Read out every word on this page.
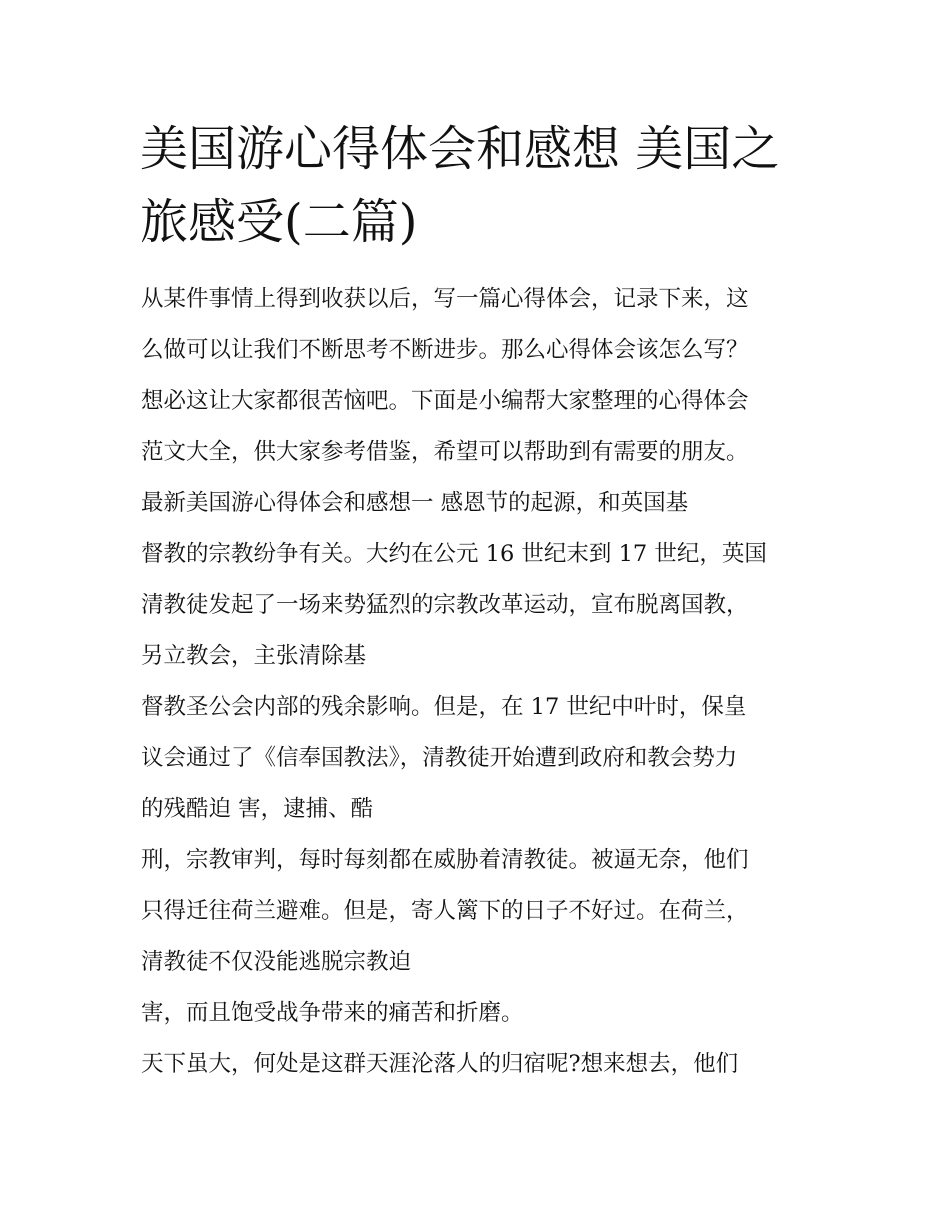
美国游心得体会和感想 美国之
旅感受(二篇)

从某件事情上得到收获以后，写一篇心得体会，记录下来，这

么做可以让我们不断思考不断进步。那么心得体会该怎么写？

想必这让大家都很苦恼吧。下面是小编帮大家整理的心得体会

范文大全，供大家参考借鉴，希望可以帮助到有需要的朋友。

最新美国游心得体会和感想一 感恩节的起源，和英国基

督教的宗教纷争有关。大约在公元 16 世纪末到 17 世纪，英国

清教徒发起了一场来势猛烈的宗教改革运动，宣布脱离国教，

另立教会，主张清除基

督教圣公会内部的残余影响。但是，在 17 世纪中叶时，保皇

议会通过了《信奉国教法》，清教徒开始遭到政府和教会势力

的残酷迫 害，逮捕、酷

刑，宗教审判，每时每刻都在威胁着清教徒。被逼无奈，他们

只得迁往荷兰避难。但是，寄人篱下的日子不好过。在荷兰，

清教徒不仅没能逃脱宗教迫

害，而且饱受战争带来的痛苦和折磨。

天下虽大，何处是这群天涯沦落人的归宿呢?想来想去，他们
